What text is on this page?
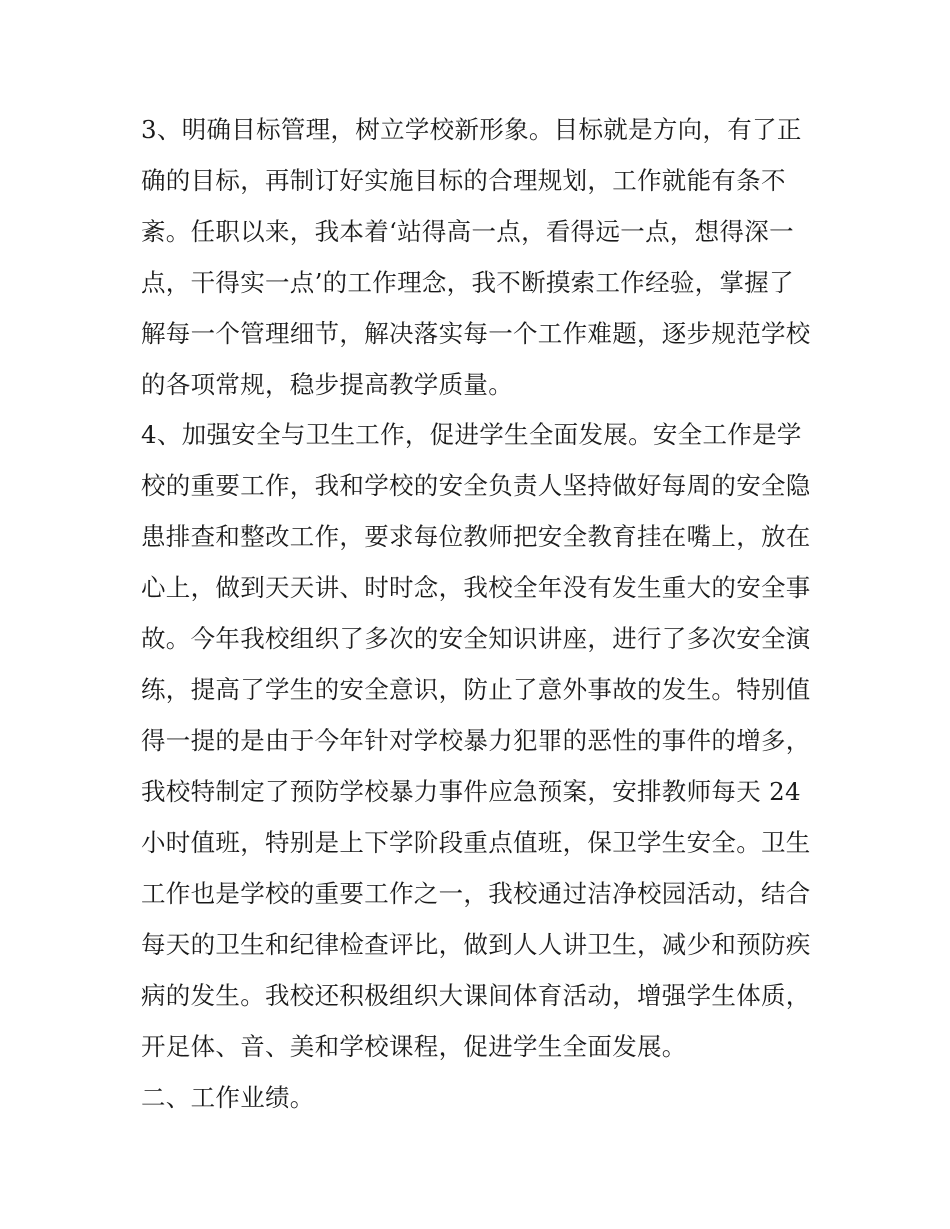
3、明确目标管理，树立学校新形象。目标就是方向，有了正
确的目标，再制订好实施目标的合理规划，工作就能有条不
紊。任职以来，我本着‘站得高一点，看得远一点，想得深一
点，干得实一点’的工作理念，我不断摸索工作经验，掌握了
解每一个管理细节，解决落实每一个工作难题，逐步规范学校
的各项常规，稳步提高教学质量。
4、加强安全与卫生工作，促进学生全面发展。安全工作是学
校的重要工作，我和学校的安全负责人坚持做好每周的安全隐
患排查和整改工作，要求每位教师把安全教育挂在嘴上，放在
心上，做到天天讲、时时念，我校全年没有发生重大的安全事
故。今年我校组织了多次的安全知识讲座，进行了多次安全演
练，提高了学生的安全意识，防止了意外事故的发生。特别值
得一提的是由于今年针对学校暴力犯罪的恶性的事件的增多，
我校特制定了预防学校暴力事件应急预案，安排教师每天 24
小时值班，特别是上下学阶段重点值班，保卫学生安全。卫生
工作也是学校的重要工作之一，我校通过洁净校园活动，结合
每天的卫生和纪律检查评比，做到人人讲卫生，减少和预防疾
病的发生。我校还积极组织大课间体育活动，增强学生体质，
开足体、音、美和学校课程，促进学生全面发展。
二、工作业绩。
